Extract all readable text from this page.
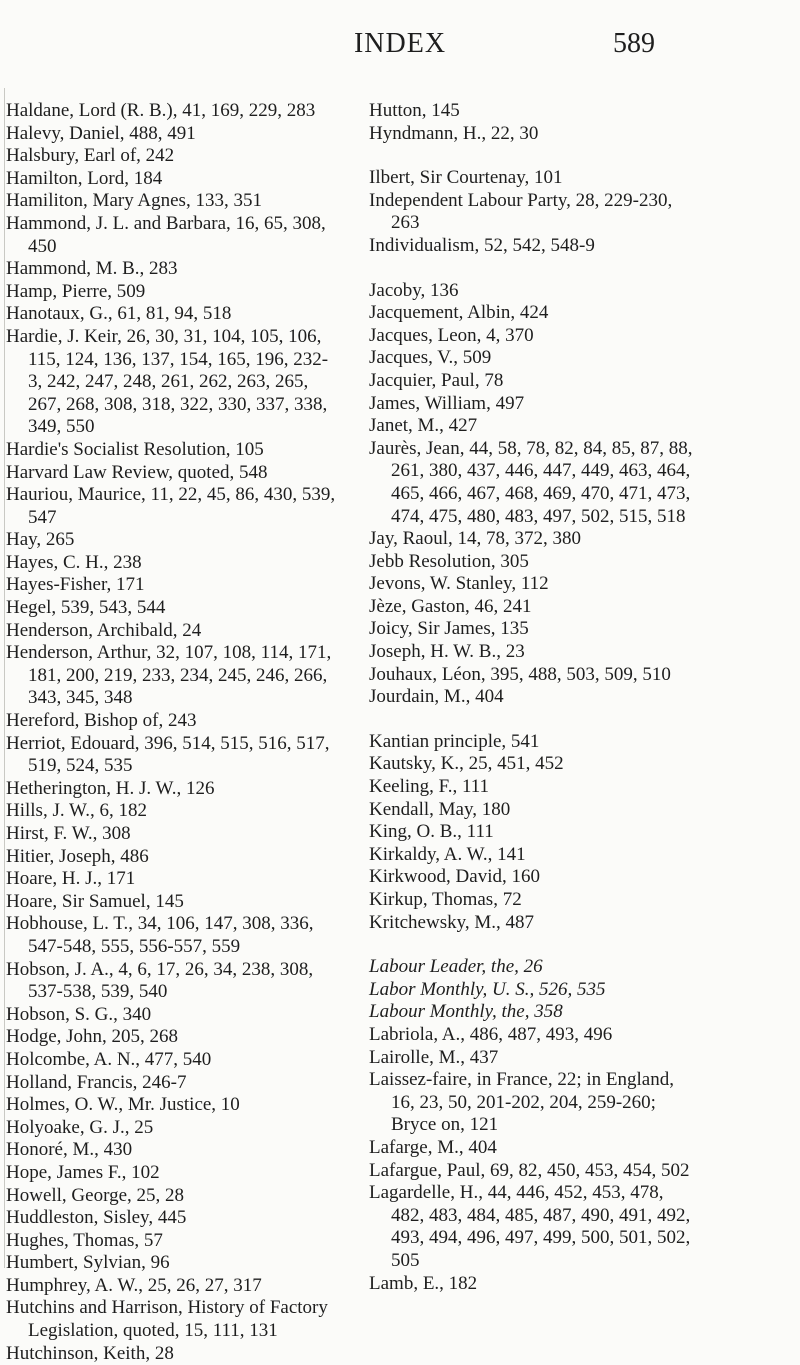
INDEX	589

Haldane, Lord (R. B.), 41, 169, 229, 283

Halevy, Daniel, 488, 491

Halsbury, Earl of, 242

Hamilton, Lord, 184

Hamiliton, Mary Agnes, 133, 351

Hammond, J. L. and Barbara, 16, 65, 308, 450

Hammond, M. B., 283

Hamp, Pierre, 509

Hanotaux, G., 61, 81, 94, 518

Hardie, J. Keir, 26, 30, 31, 104, 105, 106, 115, 124, 136, 137, 154, 165, 196, 232-3, 242, 247, 248, 261, 262, 263, 265, 267, 268, 308, 318, 322, 330, 337, 338, 349, 550

Hardie's Socialist Resolution, 105

Harvard Law Review, quoted, 548

Hauriou, Maurice, 11, 22, 45, 86, 430, 539, 547

Hay, 265

Hayes, C. H., 238

Hayes-Fisher, 171

Hegel, 539, 543, 544

Henderson, Archibald, 24

Henderson, Arthur, 32, 107, 108, 114, 171, 181, 200, 219, 233, 234, 245, 246, 266, 343, 345, 348

Hereford, Bishop of, 243

Herriot, Edouard, 396, 514, 515, 516, 517, 519, 524, 535

Hetherington, H. J. W., 126

Hills, J. W., 6, 182

Hirst, F. W., 308

Hitier, Joseph, 486

Hoare, H. J., 171

Hoare, Sir Samuel, 145

Hobhouse, L. T., 34, 106, 147, 308, 336, 547-548, 555, 556-557, 559

Hobson, J. A., 4, 6, 17, 26, 34, 238, 308, 537-538, 539, 540

Hobson, S. G., 340

Hodge, John, 205, 268

Holcombe, A. N., 477, 540

Holland, Francis, 246-7

Holmes, O. W., Mr. Justice, 10

Holyoake, G. J., 25

Honoré, M., 430

Hope, James F., 102

Howell, George, 25, 28

Huddleston, Sisley, 445

Hughes, Thomas, 57

Humbert, Sylvian, 96

Humphrey, A. W., 25, 26, 27, 317

Hutchins and Harrison, History of Factory Legislation, quoted, 15, 111, 131

Hutchinson, Keith, 28

Hutton, 145

Hyndmann, H., 22, 30

Ilbert, Sir Courtenay, 101

Independent Labour Party, 28, 229-230, 263

Individualism, 52, 542, 548-9

Jacoby, 136

Jacquement, Albin, 424

Jacques, Leon, 4, 370

Jacques, V., 509

Jacquier, Paul, 78

James, William, 497

Janet, M., 427

Jaurès, Jean, 44, 58, 78, 82, 84, 85, 87, 88, 261, 380, 437, 446, 447, 449, 463, 464, 465, 466, 467, 468, 469, 470, 471, 473, 474, 475, 480, 483, 497, 502, 515, 518

Jay, Raoul, 14, 78, 372, 380

Jebb Resolution, 305

Jevons, W. Stanley, 112

Jèze, Gaston, 46, 241

Joicy, Sir James, 135

Joseph, H. W. B., 23

Jouhaux, Léon, 395, 488, 503, 509, 510

Jourdain, M., 404

Kantian principle, 541

Kautsky, K., 25, 451, 452

Keeling, F., 111

Kendall, May, 180

King, O. B., 111

Kirkaldy, A. W., 141

Kirkwood, David, 160

Kirkup, Thomas, 72

Kritchewsky, M., 487

Labour Leader, the, 26

Labor Monthly, U. S., 526, 535

Labour Monthly, the, 358

Labriola, A., 486, 487, 493, 496

Lairolle, M., 437

Laissez-faire, in France, 22; in England, 16, 23, 50, 201-202, 204, 259-260; Bryce on, 121

Lafarge, M., 404

Lafargue, Paul, 69, 82, 450, 453, 454, 502

Lagardelle, H., 44, 446, 452, 453, 478, 482, 483, 484, 485, 487, 490, 491, 492, 493, 494, 496, 497, 499, 500, 501, 502, 505

Lamb, E., 182
